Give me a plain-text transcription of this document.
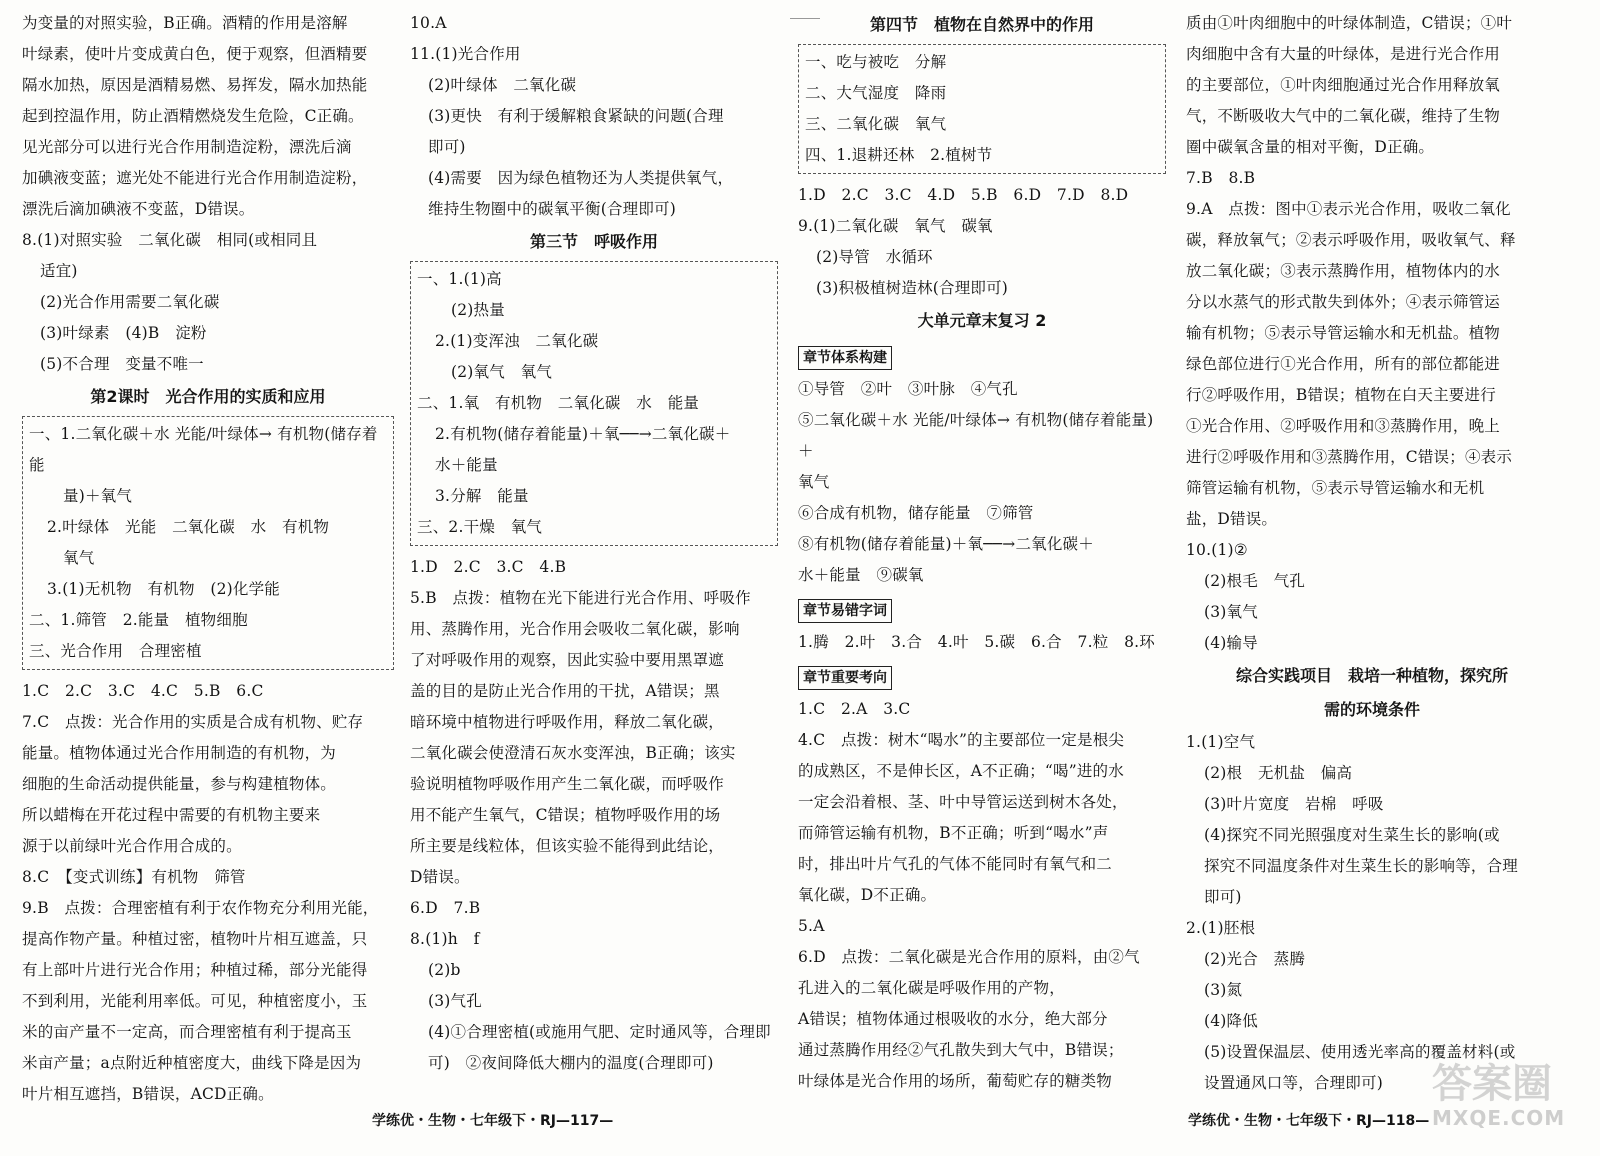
为变量的对照实验，B正确。酒精的作用是溶解

叶绿素，使叶片变成黄白色，便于观察，但酒精要

隔水加热，原因是酒精易燃、易挥发，隔水加热能

起到控温作用，防止酒精燃烧发生危险，C正确。

见光部分可以进行光合作用制造淀粉，漂洗后滴

加碘液变蓝；遮光处不能进行光合作用制造淀粉，

漂洗后滴加碘液不变蓝，D错误。

8.(1)对照实验　二氧化碳　相同(或相同且

适宜)

(2)光合作用需要二氧化碳

(3)叶绿素　(4)B　淀粉

(5)不合理　变量不唯一

第2课时　光合作用的实质和应用

一、1.二氧化碳＋水 光能/叶绿体→ 有机物(储存着能

量)＋氧气

2.叶绿体　光能　二氧化碳　水　有机物

氧气

3.(1)无机物　有机物　(2)化学能

二、1.筛管　2.能量　植物细胞

三、光合作用　合理密植

1.C　2.C　3.C　4.C　5.B　6.C

7.C　点拨：光合作用的实质是合成有机物、贮存

能量。植物体通过光合作用制造的有机物，为

细胞的生命活动提供能量，参与构建植物体。

所以蜡梅在开花过程中需要的有机物主要来

源于以前绿叶光合作用合成的。

8.C　【变式训练】有机物　筛管

9.B　点拨：合理密植有利于农作物充分利用光能，

提高作物产量。种植过密，植物叶片相互遮盖，只

有上部叶片进行光合作用；种植过稀，部分光能得

不到利用，光能利用率低。可见，种植密度小，玉

米的亩产量不一定高，而合理密植有利于提高玉

米亩产量；a点附近种植密度大，曲线下降是因为

叶片相互遮挡，B错误，ACD正确。

10.A

11.(1)光合作用

(2)叶绿体　二氧化碳

(3)更快　有利于缓解粮食紧缺的问题(合理

即可)

(4)需要　因为绿色植物还为人类提供氧气，

维持生物圈中的碳氧平衡(合理即可)

第三节　呼吸作用

一、1.(1)高

(2)热量

2.(1)变浑浊　二氧化碳

(2)氧气　氧气

二、1.氧　有机物　二氧化碳　水　能量

2.有机物(储存着能量)＋氧──→二氧化碳＋

水＋能量

3.分解　能量

三、2.干燥　氧气

1.D　2.C　3.C　4.B

5.B　点拨：植物在光下能进行光合作用、呼吸作

用、蒸腾作用，光合作用会吸收二氧化碳，影响

了对呼吸作用的观察，因此实验中要用黑罩遮

盖的目的是防止光合作用的干扰，A错误；黑

暗环境中植物进行呼吸作用，释放二氧化碳，

二氧化碳会使澄清石灰水变浑浊，B正确；该实

验说明植物呼吸作用产生二氧化碳，而呼吸作

用不能产生氧气，C错误；植物呼吸作用的场

所主要是线粒体，但该实验不能得到此结论，

D错误。

6.D　7.B

8.(1)h　f

(2)b

(3)气孔

(4)①合理密植(或施用气肥、定时通风等，合理即

可)　②夜间降低大棚内的温度(合理即可)

第四节　植物在自然界中的作用

一、吃与被吃　分解

二、大气湿度　降雨

三、二氧化碳　氧气

四、1.退耕还林　2.植树节

1.D　2.C　3.C　4.D　5.B　6.D　7.D　8.D

9.(1)二氧化碳　氧气　碳氧

(2)导管　水循环

(3)积极植树造林(合理即可)

大单元章末复习 2

章节体系构建

①导管　②叶　③叶脉　④气孔

⑤二氧化碳＋水 光能/叶绿体→ 有机物(储存着能量)＋

氧气

⑥合成有机物，储存能量　⑦筛管

⑧有机物(储存着能量)＋氧──→二氧化碳＋

水＋能量　⑨碳氧

章节易错字词

1.腾　2.叶　3.合　4.叶　5.碳　6.合　7.粒　8.环

章节重要考向

1.C　2.A　3.C

4.C　点拨：树木“喝水”的主要部位一定是根尖

的成熟区，不是伸长区，A不正确；“喝”进的水

一定会沿着根、茎、叶中导管运送到树木各处，

而筛管运输有机物，B不正确；听到“喝水”声

时，排出叶片气孔的气体不能同时有氧气和二

氧化碳，D不正确。

5.A

6.D　点拨：二氧化碳是光合作用的原料，由②气

孔进入的二氧化碳是呼吸作用的产物，

A错误；植物体通过根吸收的水分，绝大部分

通过蒸腾作用经②气孔散失到大气中，B错误；

叶绿体是光合作用的场所，葡萄贮存的糖类物

质由①叶肉细胞中的叶绿体制造，C错误；①叶

肉细胞中含有大量的叶绿体，是进行光合作用

的主要部位，①叶肉细胞通过光合作用释放氧

气，不断吸收大气中的二氧化碳，维持了生物

圈中碳氧含量的相对平衡，D正确。

7.B　8.B

9.A　点拨：图中①表示光合作用，吸收二氧化

碳，释放氧气；②表示呼吸作用，吸收氧气、释

放二氧化碳；③表示蒸腾作用，植物体内的水

分以水蒸气的形式散失到体外；④表示筛管运

输有机物；⑤表示导管运输水和无机盐。植物

绿色部位进行①光合作用，所有的部位都能进

行②呼吸作用，B错误；植物在白天主要进行

①光合作用、②呼吸作用和③蒸腾作用，晚上

进行②呼吸作用和③蒸腾作用，C错误；④表示

筛管运输有机物，⑤表示导管运输水和无机

盐，D错误。

10.(1)②

(2)根毛　气孔

(3)氧气

(4)输导

综合实践项目　栽培一种植物，探究所

需的环境条件

1.(1)空气

(2)根　无机盐　偏高

(3)叶片宽度　岩棉　呼吸

(4)探究不同光照强度对生菜生长的影响(或

探究不同温度条件对生菜生长的影响等，合理

即可)

2.(1)胚根

(2)光合　蒸腾

(3)氮

(4)降低

(5)设置保温层、使用透光率高的覆盖材料(或

设置通风口等，合理即可)

学练优・生物・七年级下・RJ—117—	学练优・生物・七年级下・RJ—118—
答案圈
MXQE.COM
